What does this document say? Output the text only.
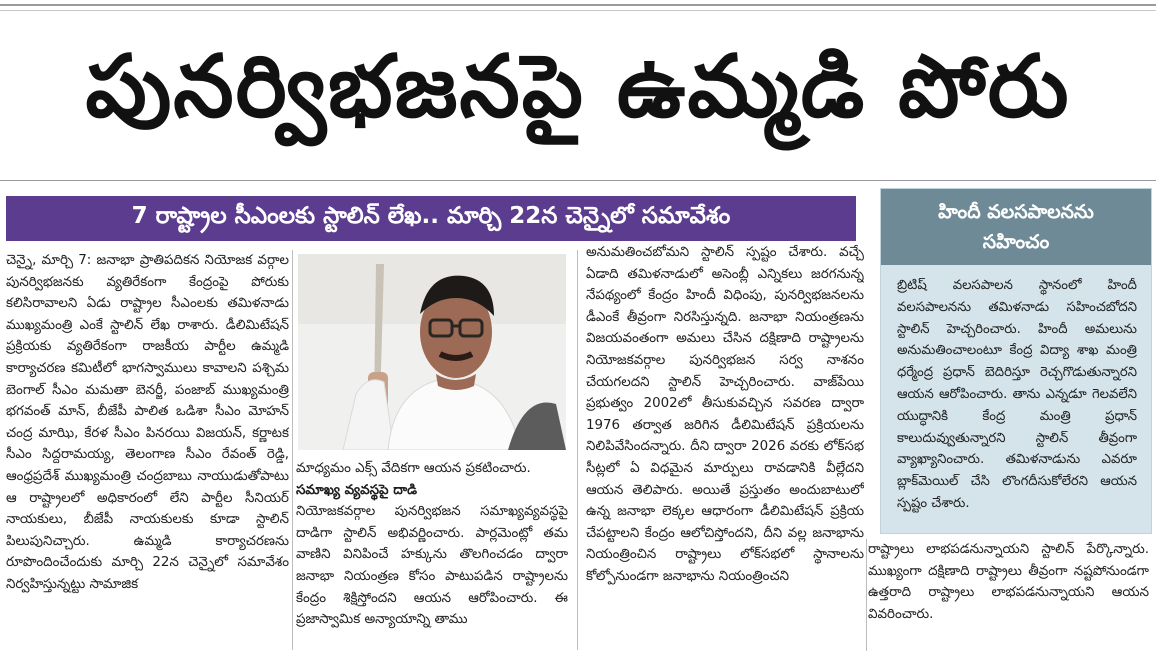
పునర్విభజనపై ఉమ్మడి పోరు
7 రాష్ట్రాల సీఎంలకు స్టాలిన్ లేఖ.. మార్చి 22న చెన్నైలో సమావేశం

చెన్నై, మార్చి 7: జనాభా ప్రాతిపదికన నియోజక వర్గాల పునర్విభజనకు వ్యతిరేకంగా కేంద్రంపై పోరుకు కలిసిరావాలని ఏడు రాష్ట్రాల సీఎంలకు తమిళనాడు ముఖ్యమంత్రి ఎంకే స్టాలిన్ లేఖ రాశారు. డీలిమిటేషన్ ప్రక్రియకు వ్యతిరేకంగా రాజకీయ పార్టీల ఉమ్మడి కార్యాచరణ కమిటీలో భాగస్వాములు కావాలని పశ్చిమ బెంగాల్ సీఎం మమతా బెనర్జీ, పంజాబ్ ముఖ్యమంత్రి భగవంత్ మాన్, బీజేపీ పాలిత ఒడిశా సీఎం మోహన్ చంద్ర మాఝి, కేరళ సీఎం పినరయి విజయన్, కర్ణాటక సీఎం సిద్దరామయ్య, తెలంగాణ సీఎం రేవంత్ రెడ్డి, ఆంధ్రప్రదేశ్ ముఖ్యమంత్రి చంద్రబాబు నాయుడుతోపాటు ఆ రాష్ట్రాలలో అధికారంలో లేని పార్టీల సీనియర్ నాయకులు, బీజేపీ నాయకులకు కూడా స్టాలిన్ పిలుపునిచ్చారు. ఉమ్మడి కార్యాచరణను రూపొందించేందుకు మార్చి 22న చెన్నైలో సమావేశం నిర్వహిస్తున్నట్టు సామాజిక

మాధ్యమం ఎక్స్ వేదికగా ఆయన ప్రకటించారు.

సమాఖ్య వ్యవస్థపై దాడి

నియోజకవర్గాల పునర్విభజన సమాఖ్యవ్యవస్థపై దాడిగా స్టాలిన్ అభివర్ణించారు. పార్లమెంట్లో తమ వాణిని వినిపించే హక్కును తొలగించడం ద్వారా జనాభా నియంత్రణ కోసం పాటుపడిన రాష్ట్రాలను కేంద్రం శిక్షిస్తోందని ఆయన ఆరోపించారు. ఈ ప్రజాస్వామిక అన్యాయాన్ని తాము

అనుమతించబోమని స్టాలిన్ స్పష్టం చేశారు. వచ్చే ఏడాది తమిళనాడులో అసెంబ్లీ ఎన్నికలు జరగనున్న నేపథ్యంలో కేంద్రం హిందీ విధింపు, పునర్విభజనలను డీఎంకే తీవ్రంగా నిరసిస్తున్నది. జనాభా నియంత్రణను విజయవంతంగా అమలు చేసిన దక్షిణాది రాష్ట్రాలను నియోజకవర్గాల పునర్విభజన సర్వ నాశనం చేయగలదని స్టాలిన్ హెచ్చరించారు. వాజ్‌పేయి ప్రభుత్వం 2002లో తీసుకువచ్చిన సవరణ ద్వారా 1976 తర్వాత జరిగిన డీలిమిటేషన్ ప్రక్రియలను నిలిపివేసిందన్నారు. దీని ద్వారా 2026 వరకు లోక్‌సభ సీట్లలో ఏ విధమైన మార్పులు రావడానికి వీల్లేదని ఆయన తెలిపారు. అయితే ప్రస్తుతం అందుబాటులో ఉన్న జనాభా లెక్కల ఆధారంగా డీలిమిటేషన్ ప్రక్రియ చేపట్టాలని కేంద్రం ఆలోచిస్తోందని, దీని వల్ల జనాభాను నియంత్రించిన రాష్ట్రాలు లోక్‌సభలో స్థానాలను కోల్పోనుండగా జనాభాను నియంత్రించని

హిందీ వలసపాలనను
సహించం

బ్రిటిష్ వలసపాలన స్థానంలో హిందీ వలసపాలనను తమిళనాడు సహించబోదని స్టాలిన్ హెచ్చరించారు. హిందీ అమలును అనుమతించాలంటూ కేంద్ర విద్యా శాఖ మంత్రి ధర్మేంద్ర ప్రధాన్ బెదిరిస్తూ రెచ్చగొడుతున్నారని ఆయన ఆరోపించారు. తాను ఎన్నడూ గెలవలేని యుద్ధానికి కేంద్ర మంత్రి ప్రధాన్ కాలుదువ్వుతున్నారని స్టాలిన్ తీవ్రంగా వ్యాఖ్యానించారు. తమిళనాడును ఎవరూ బ్లాక్‌మెయిల్ చేసి లొంగదీసుకోలేరని ఆయన స్పష్టం చేశారు.

రాష్ట్రాలు లాభపడనున్నాయని స్టాలిన్ పేర్కొన్నారు. ముఖ్యంగా దక్షిణాది రాష్ట్రాలు తీవ్రంగా నష్టపోనుండగా ఉత్తరాది రాష్ట్రాలు లాభపడనున్నాయని ఆయన వివరించారు.
